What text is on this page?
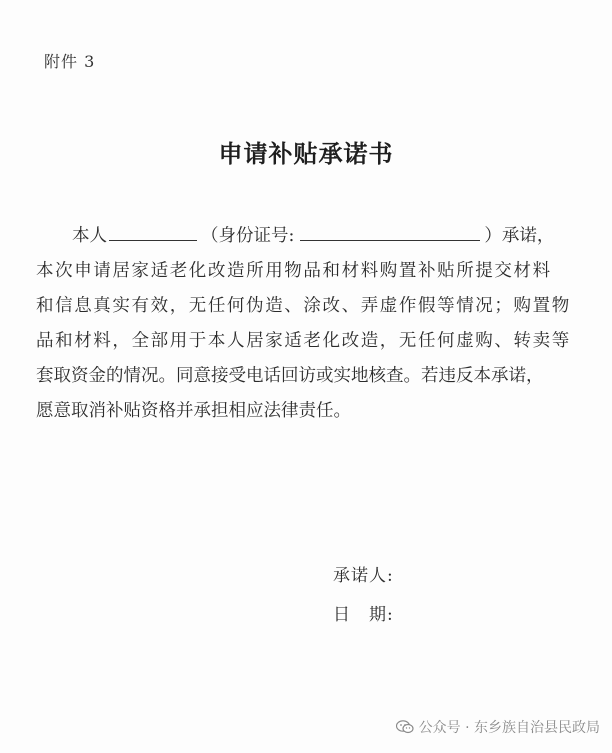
附件 3
申请补贴承诺书
本人	（身份证号:	）承诺，
本次申请居家适老化改造所用物品和材料购置补贴所提交材料
和信息真实有效，无任何伪造、涂改、弄虚作假等情况；购置物
品和材料，全部用于本人居家适老化改造，无任何虚购、转卖等
套取资金的情况。同意接受电话回访或实地核查。若违反本承诺，
愿意取消补贴资格并承担相应法律责任。
承诺人:
日　期:
公众号 · 东乡族自治县民政局
